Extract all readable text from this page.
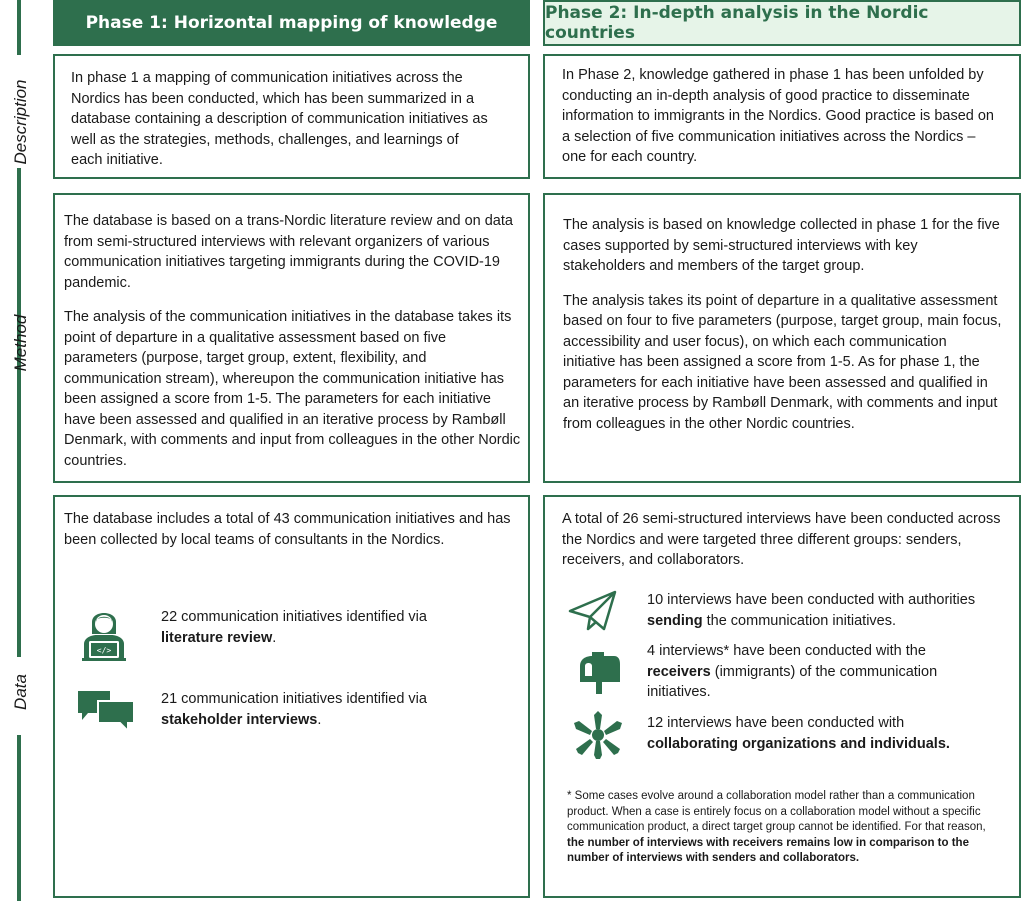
Description
Method
Data
Phase 1: Horizontal mapping of knowledge	Phase 2: In-depth analysis in the Nordic countries

In phase 1 a mapping of communication initiatives across the Nordics has been conducted, which has been summarized in a database containing a description of communication initiatives as well as the strategies, methods, challenges, and learnings of each initiative.

In Phase 2, knowledge gathered in phase 1 has been unfolded by conducting an in-depth analysis of good practice to disseminate information to immigrants in the Nordics. Good practice is based on a selection of five communication initiatives across the Nordics – one for each country.

The database is based on a trans-Nordic literature review and on data from semi-structured interviews with relevant organizers of various communication initiatives targeting immigrants during the COVID-19 pandemic.

The analysis of the communication initiatives in the database takes its point of departure in a qualitative assessment based on five parameters (purpose, target group, extent, flexibility, and communication stream), whereupon the communication initiative has been assigned a score from 1-5. The parameters for each initiative have been assessed and qualified in an iterative process by Rambøll Denmark, with comments and input from colleagues in the other Nordic countries.

The analysis is based on knowledge collected in phase 1 for the five cases supported by semi-structured interviews with key stakeholders and members of the target group.

The analysis takes its point of departure in a qualitative assessment based on four to five parameters (purpose, target group, main focus, accessibility and user focus), on which each communication initiative has been assigned a score from 1-5. As for phase 1, the parameters for each initiative have been assessed and qualified in an iterative process by Rambøll Denmark, with comments and input from colleagues in the other Nordic countries.

The database includes a total of 43 communication initiatives and has been collected by local teams of consultants in the Nordics.

</>
22 communication initiatives identified via
literature review.
21 communication initiatives identified via
stakeholder interviews.

A total of 26 semi-structured interviews have been conducted across the Nordics and were targeted three different groups: senders, receivers, and collaborators.

10 interviews have been conducted with authorities
sending the communication initiatives.
4 interviews* have been conducted with the
receivers (immigrants) of the communication initiatives.
12 interviews have been conducted with
collaborating organizations and individuals.
* Some cases evolve around a collaboration model rather than a communication product. When a case is entirely focus on a collaboration model without a specific communication product, a direct target group cannot be identified. For that reason, the number of interviews with receivers remains low in comparison to the number of interviews with senders and collaborators.
